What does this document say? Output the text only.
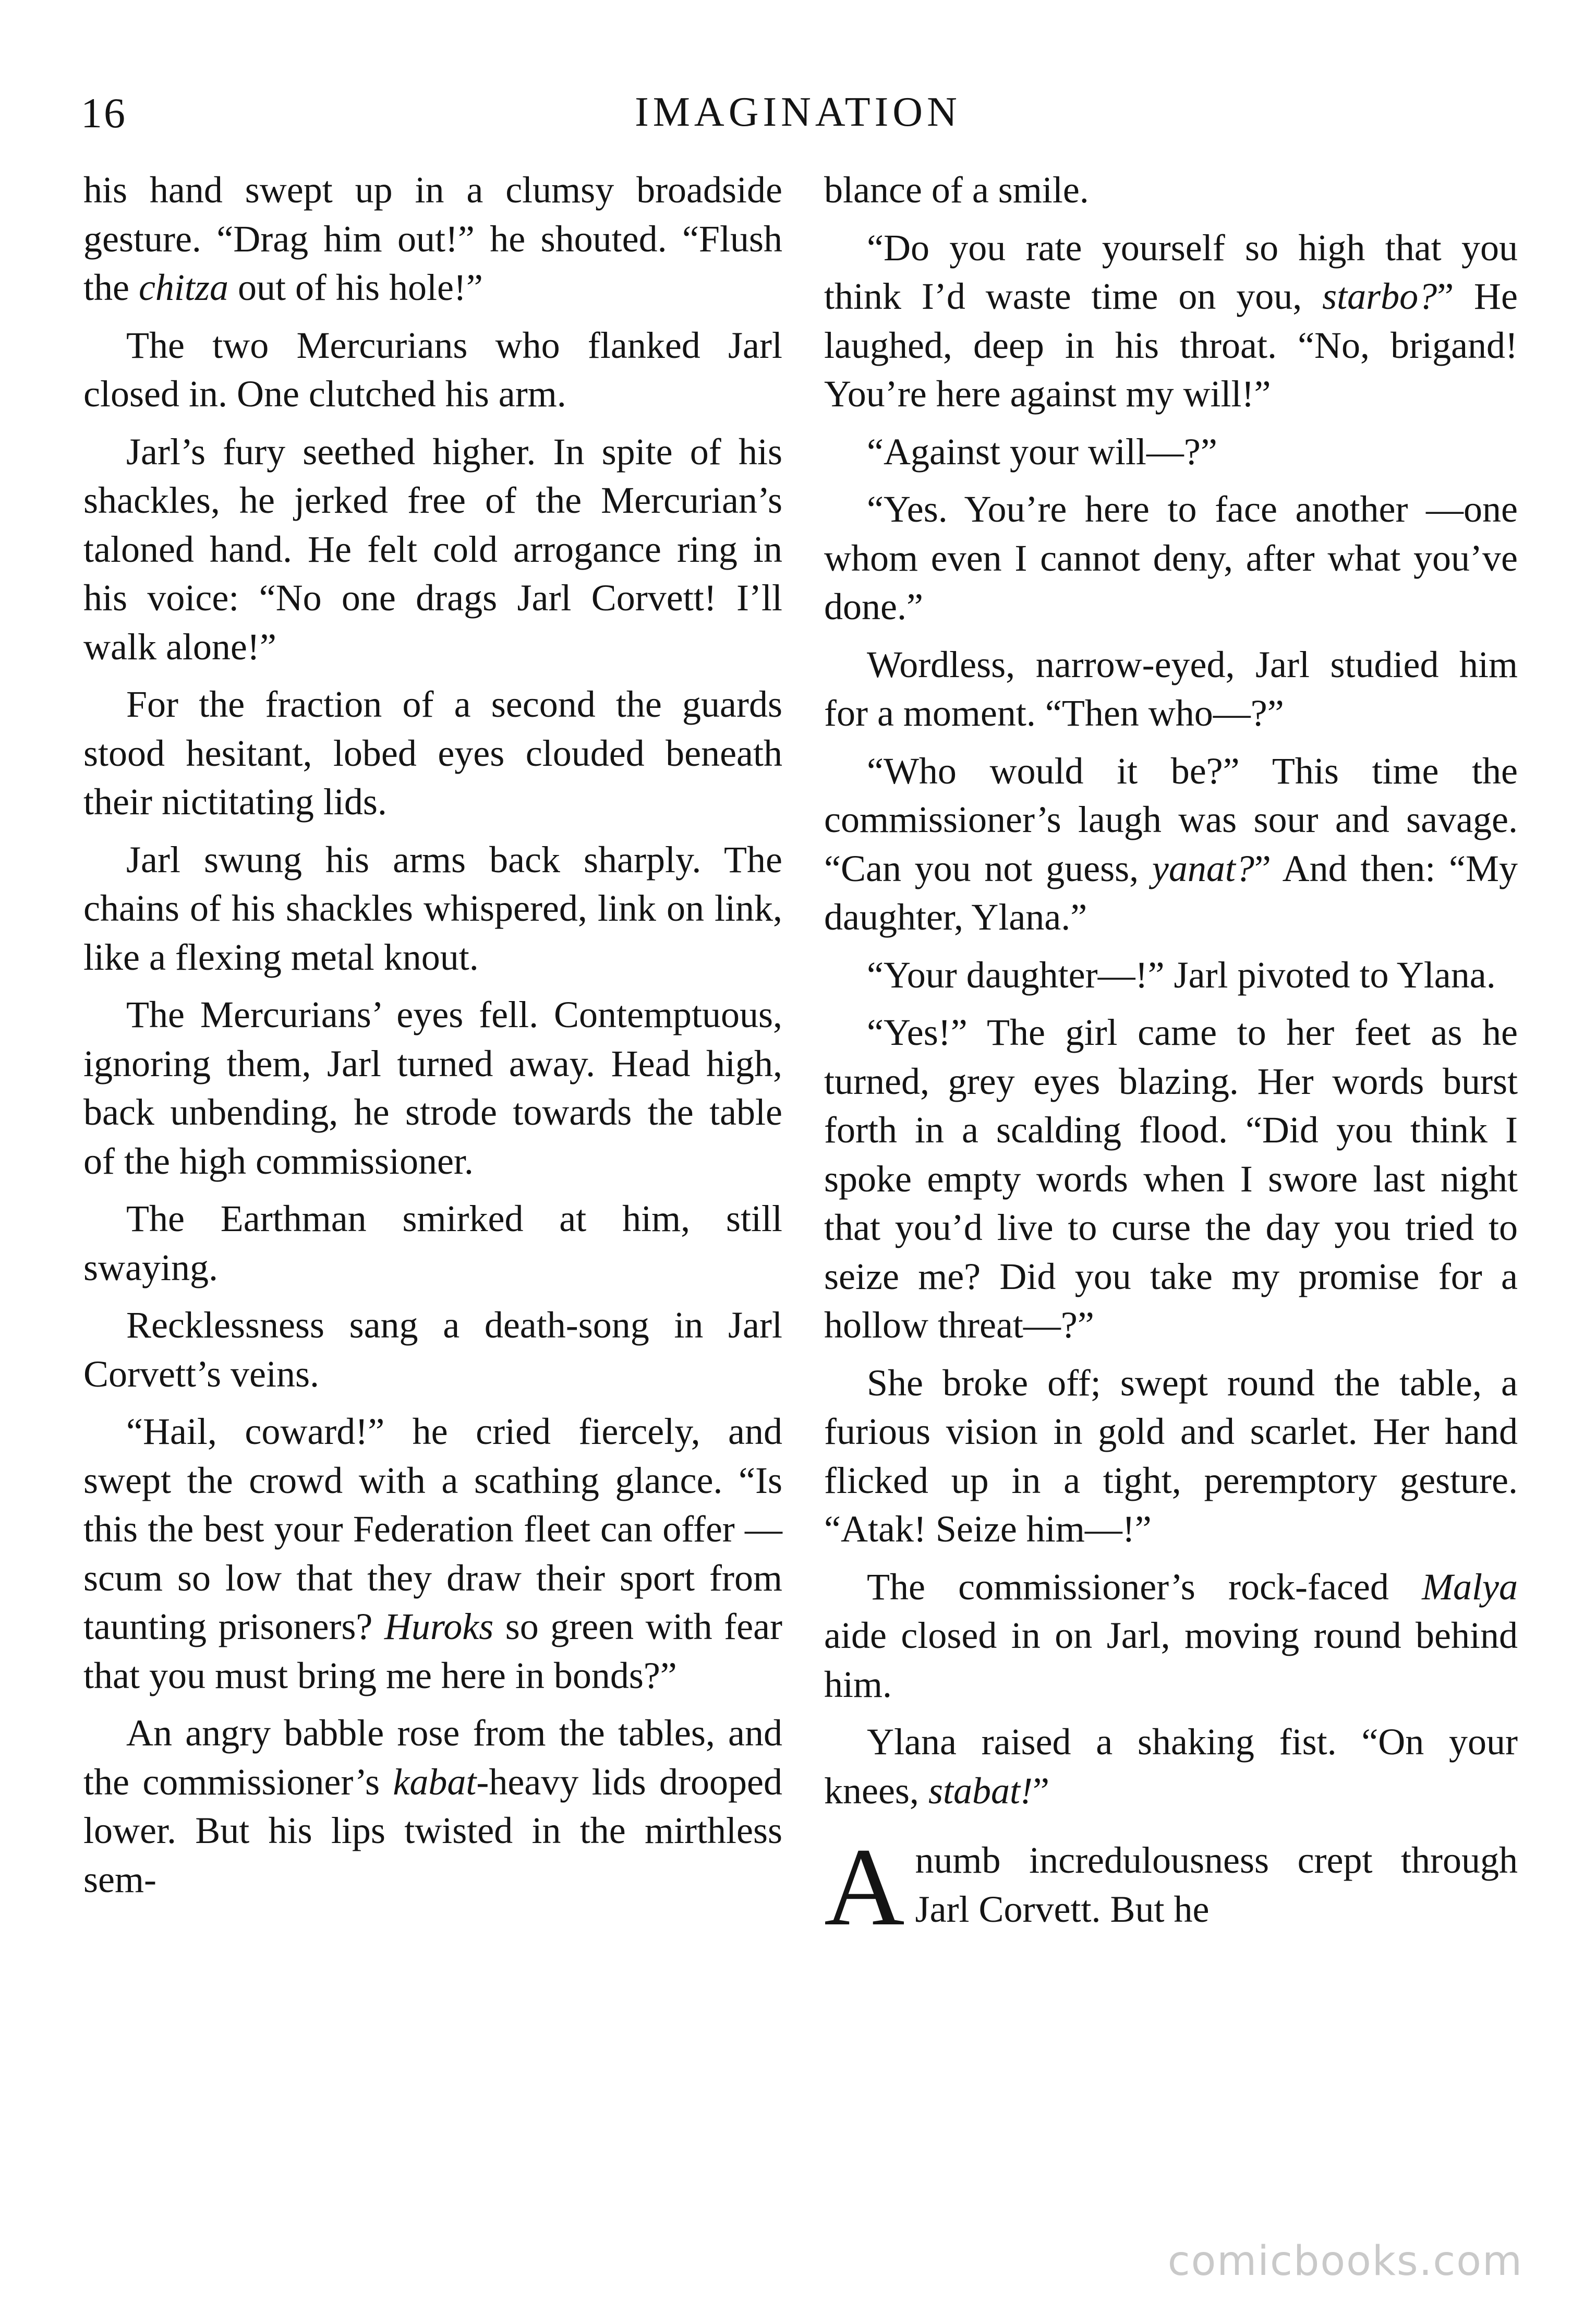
16	IMAGINATION

his hand swept up in a clumsy broadside gesture. “Drag him out!” he shouted. “Flush the chitza out of his hole!”

The two Mercurians who flanked Jarl closed in. One clutched his arm.

Jarl’s fury seethed higher. In spite of his shackles, he jerked free of the Mercurian’s taloned hand. He felt cold arrogance ring in his voice: “No one drags Jarl Corvett! I’ll walk alone!”

For the fraction of a second the guards stood hesitant, lobed eyes clouded beneath their nictitating lids.

Jarl swung his arms back sharply. The chains of his shackles whispered, link on link, like a flexing metal knout.

The Mercurians’ eyes fell. Contemptuous, ignoring them, Jarl turned away. Head high, back unbending, he strode towards the table of the high commissioner.

The Earthman smirked at him, still swaying.

Recklessness sang a death-song in Jarl Corvett’s veins.

“Hail, coward!” he cried fiercely, and swept the crowd with a scathing glance. “Is this the best your Federation fleet can offer — scum so low that they draw their sport from taunting prisoners? Huroks so green with fear that you must bring me here in bonds?”

An angry babble rose from the tables, and the commissioner’s kabat-heavy lids drooped lower. But his lips twisted in the mirthless sem-

blance of a smile.

“Do you rate yourself so high that you think I’d waste time on you, starbo?” He laughed, deep in his throat. “No, brigand! You’re here against my will!”

“Against your will—?”

“Yes. You’re here to face another —one whom even I cannot deny, after what you’ve done.”

Wordless, narrow-eyed, Jarl studied him for a moment. “Then who—?”

“Who would it be?” This time the commissioner’s laugh was sour and savage. “Can you not guess, yanat?” And then: “My daughter, Ylana.”

“Your daughter—!” Jarl pivoted to Ylana.

“Yes!” The girl came to her feet as he turned, grey eyes blazing. Her words burst forth in a scalding flood. “Did you think I spoke empty words when I swore last night that you’d live to curse the day you tried to seize me? Did you take my promise for a hollow threat—?”

She broke off; swept round the table, a furious vision in gold and scarlet. Her hand flicked up in a tight, peremptory gesture. “Atak! Seize him—!”

The commissioner’s rock-faced Malya aide closed in on Jarl, moving round behind him.

Ylana raised a shaking fist. “On your knees, stabat!”

Anumb incredulousness crept through Jarl Corvett. But he

comicbooks.com
